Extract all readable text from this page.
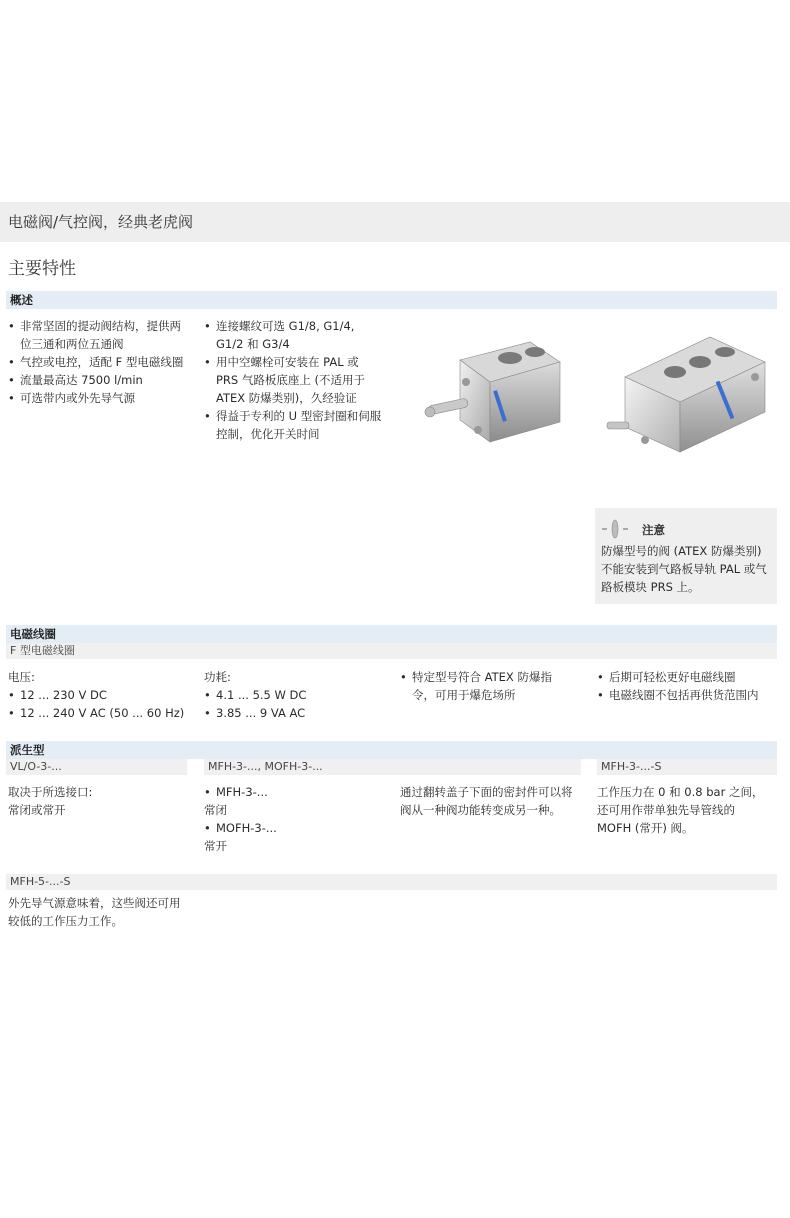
电磁阀/气控阀，经典老虎阀
主要特性
概述
• 非常坚固的提动阀结构，提供两位三通和两位五通阀
• 气控或电控，适配 F 型电磁线圈
• 流量最高达 7500 l/min
• 可选带内或外先导气源
• 连接螺纹可选 G1/8, G1/4, G1/2 和 G3/4
• 用中空螺栓可安装在 PAL 或 PRS 气路板底座上 (不适用于 ATEX 防爆类别)，久经验证
• 得益于专利的 U 型密封圈和伺服控制，优化开关时间
注意
防爆型号的阀 (ATEX 防爆类别) 不能安装到气路板导轨 PAL 或气路板模块 PRS 上。
电磁线圈
F 型电磁线圈
电压:
• 12 ... 230 V DC
• 12 ... 240 V AC (50 ... 60 Hz)
功耗:
• 4.1 ... 5.5 W DC
• 3.85 ... 9 VA AC
• 特定型号符合 ATEX 防爆指令，可用于爆危场所
• 后期可轻松更好电磁线圈
• 电磁线圈不包括再供货范围内
派生型
VL/O-3-...	MFH-3-..., MOFH-3-...	MFH-3-...-S
取决于所选接口:
常闭或常开
• MFH-3-...
常闭
• MOFH-3-...
常开
通过翻转盖子下面的密封件可以将阀从一种阀功能转变成另一种。
工作压力在 0 和 0.8 bar 之间，还可用作带单独先导管线的 MOFH (常开) 阀。
MFH-5-...-S
外先导气源意味着，这些阀还可用较低的工作压力工作。
